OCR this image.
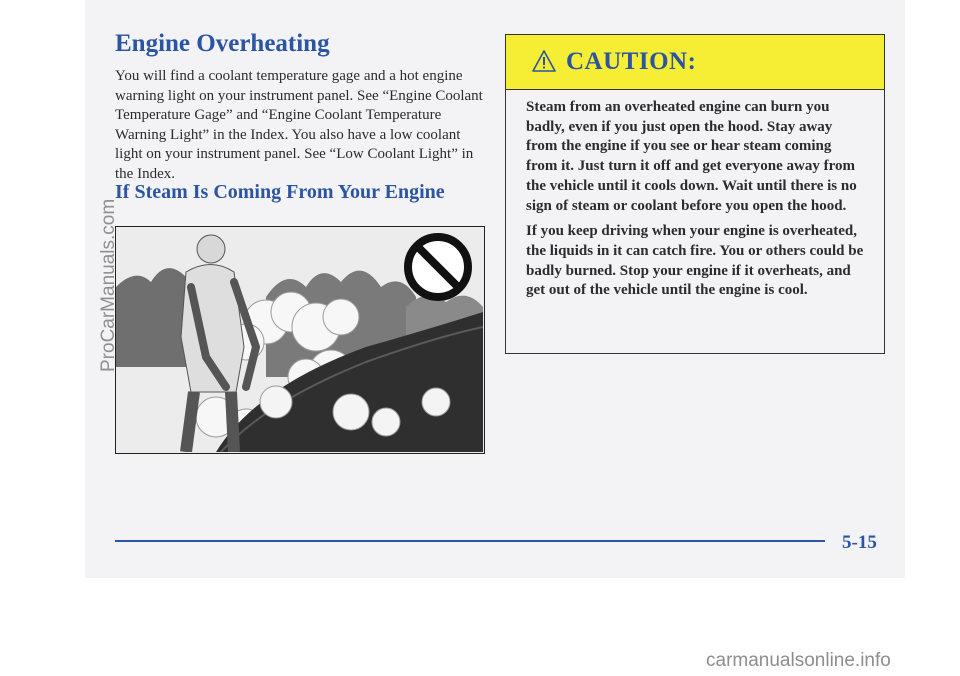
Engine Overheating

You will find a coolant temperature gage and a hot engine warning light on your instrument panel. See “Engine Coolant Temperature Gage” and “Engine Coolant Temperature Warning Light” in the Index. You also have a low coolant light on your instrument panel. See “Low Coolant Light” in the Index.

If Steam Is Coming From Your Engine
CAUTION:

Steam from an overheated engine can burn you badly, even if you just open the hood. Stay away from the engine if you see or hear steam coming from it. Just turn it off and get everyone away from the vehicle until it cools down. Wait until there is no sign of steam or coolant before you open the hood.

If you keep driving when your engine is overheated, the liquids in it can catch fire. You or others could be badly burned. Stop your engine if it overheats, and get out of the vehicle until the engine is cool.

5-15
ProCarManuals.com
carmanualsonline.info
